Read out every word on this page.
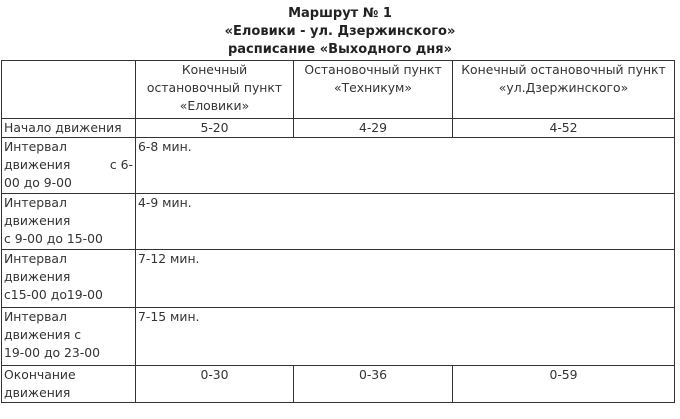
Маршрут № 1
«Еловики - ул. Дзержинского»
расписание «Выходного дня»
	Конечный остановочный пункт «Еловики»	Остановочный пункт «Техникум»	Конечный остановочный пункт «ул.Дзержинского»
Начало движения	5-20	4-29	4-52

Интервал
движения с 6-
00 до 9-00	6-8 мин.		

Интервал
движения
с 9-00 до 15-00	4-9 мин.		

Интервал
движения
с15-00 до19-00	7-12 мин.		

Интервал
движения с
19-00 до 23-00	7-15 мин.		

Окончание
движения	0-30	0-36	0-59
